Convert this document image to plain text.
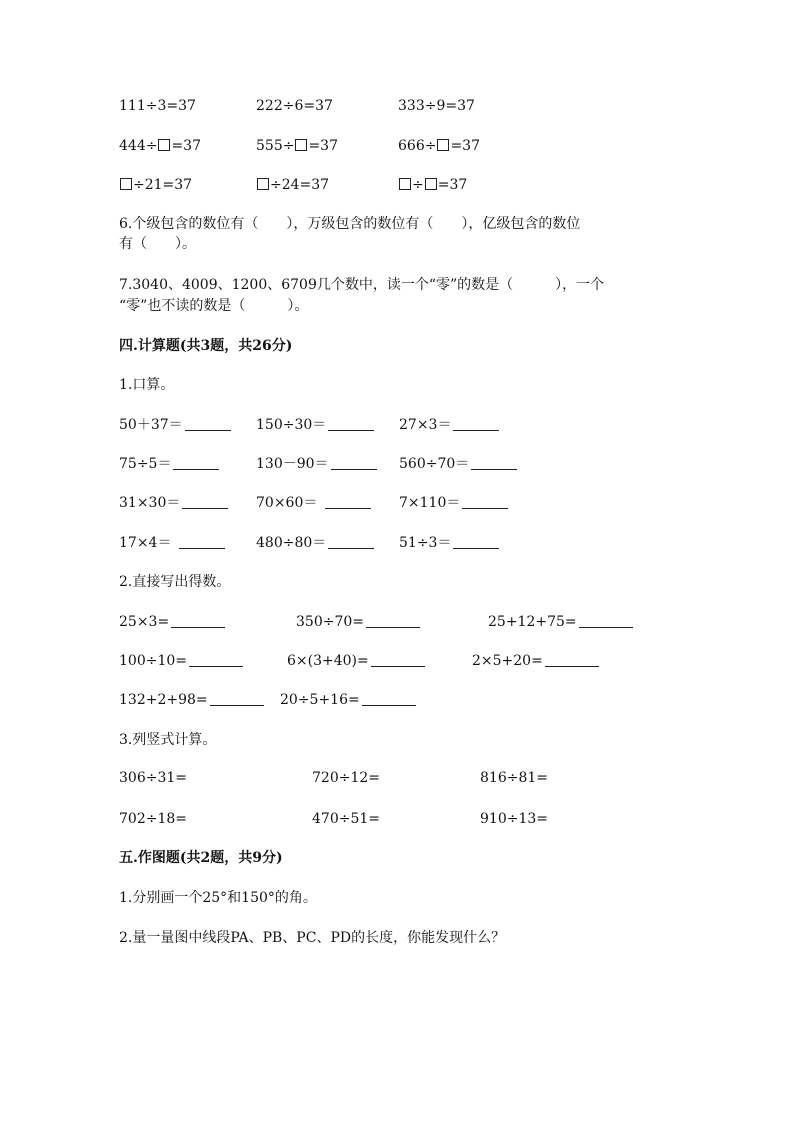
111÷3=37	222÷6=37	333÷9=37
444÷ =37	555÷ =37	666÷ =37
÷21=37	÷24=37	÷ =37
6.个级包含的数位有（　　），万级包含的数位有（　　），亿级包含的数位
有（　　）。
7.3040、4009、1200、6709几个数中，读一个“零”的数是（　　　），一个
“零”也不读的数是（　　　）。
四.计算题(共3题，共26分)
1.口算。
50＋37＝	150÷30＝	27×3＝
75÷5＝	130－90＝	560÷70＝
31×30＝	70×60＝	7×110＝
17×4＝	480÷80＝	51÷3＝
2.直接写出得数。
25×3=	350÷70=	25+12+75=
100÷10=	6×(3+40)=	2×5+20=
132+2+98=	20÷5+16=
3.列竖式计算。
306÷31=	720÷12=	816÷81=
702÷18=	470÷51=	910÷13=
五.作图题(共2题，共9分)
1.分别画一个25°和150°的角。
2.量一量图中线段PA、PB、PC、PD的长度，你能发现什么？
